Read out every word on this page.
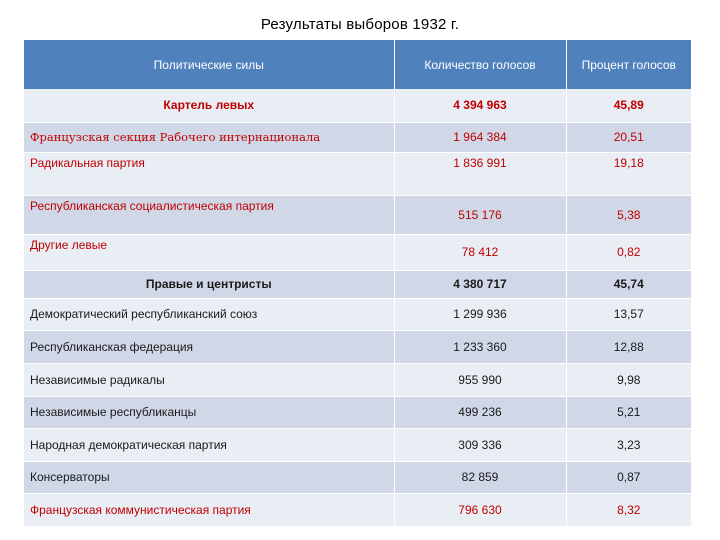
Результаты выборов 1932 г.
Политические силы	Количество голосов	Процент голосов
Картель левых	4 394 963	45,89
Французская секция Рабочего интернационала	1 964 384	20,51
Радикальная партия	1 836 991	19,18
Республиканская социалистическая партия	515 176	5,38
Другие левые	78 412	0,82
Правые и центристы	4 380 717	45,74
Демократический республиканский союз	1 299 936	13,57
Республиканская федерация	1 233 360	12,88
Независимые радикалы	955 990	9,98
Независимые республиканцы	499 236	5,21
Народная демократическая партия	309 336	3,23
Консерваторы	82 859	0,87
Французская коммунистическая партия	796 630	8,32
